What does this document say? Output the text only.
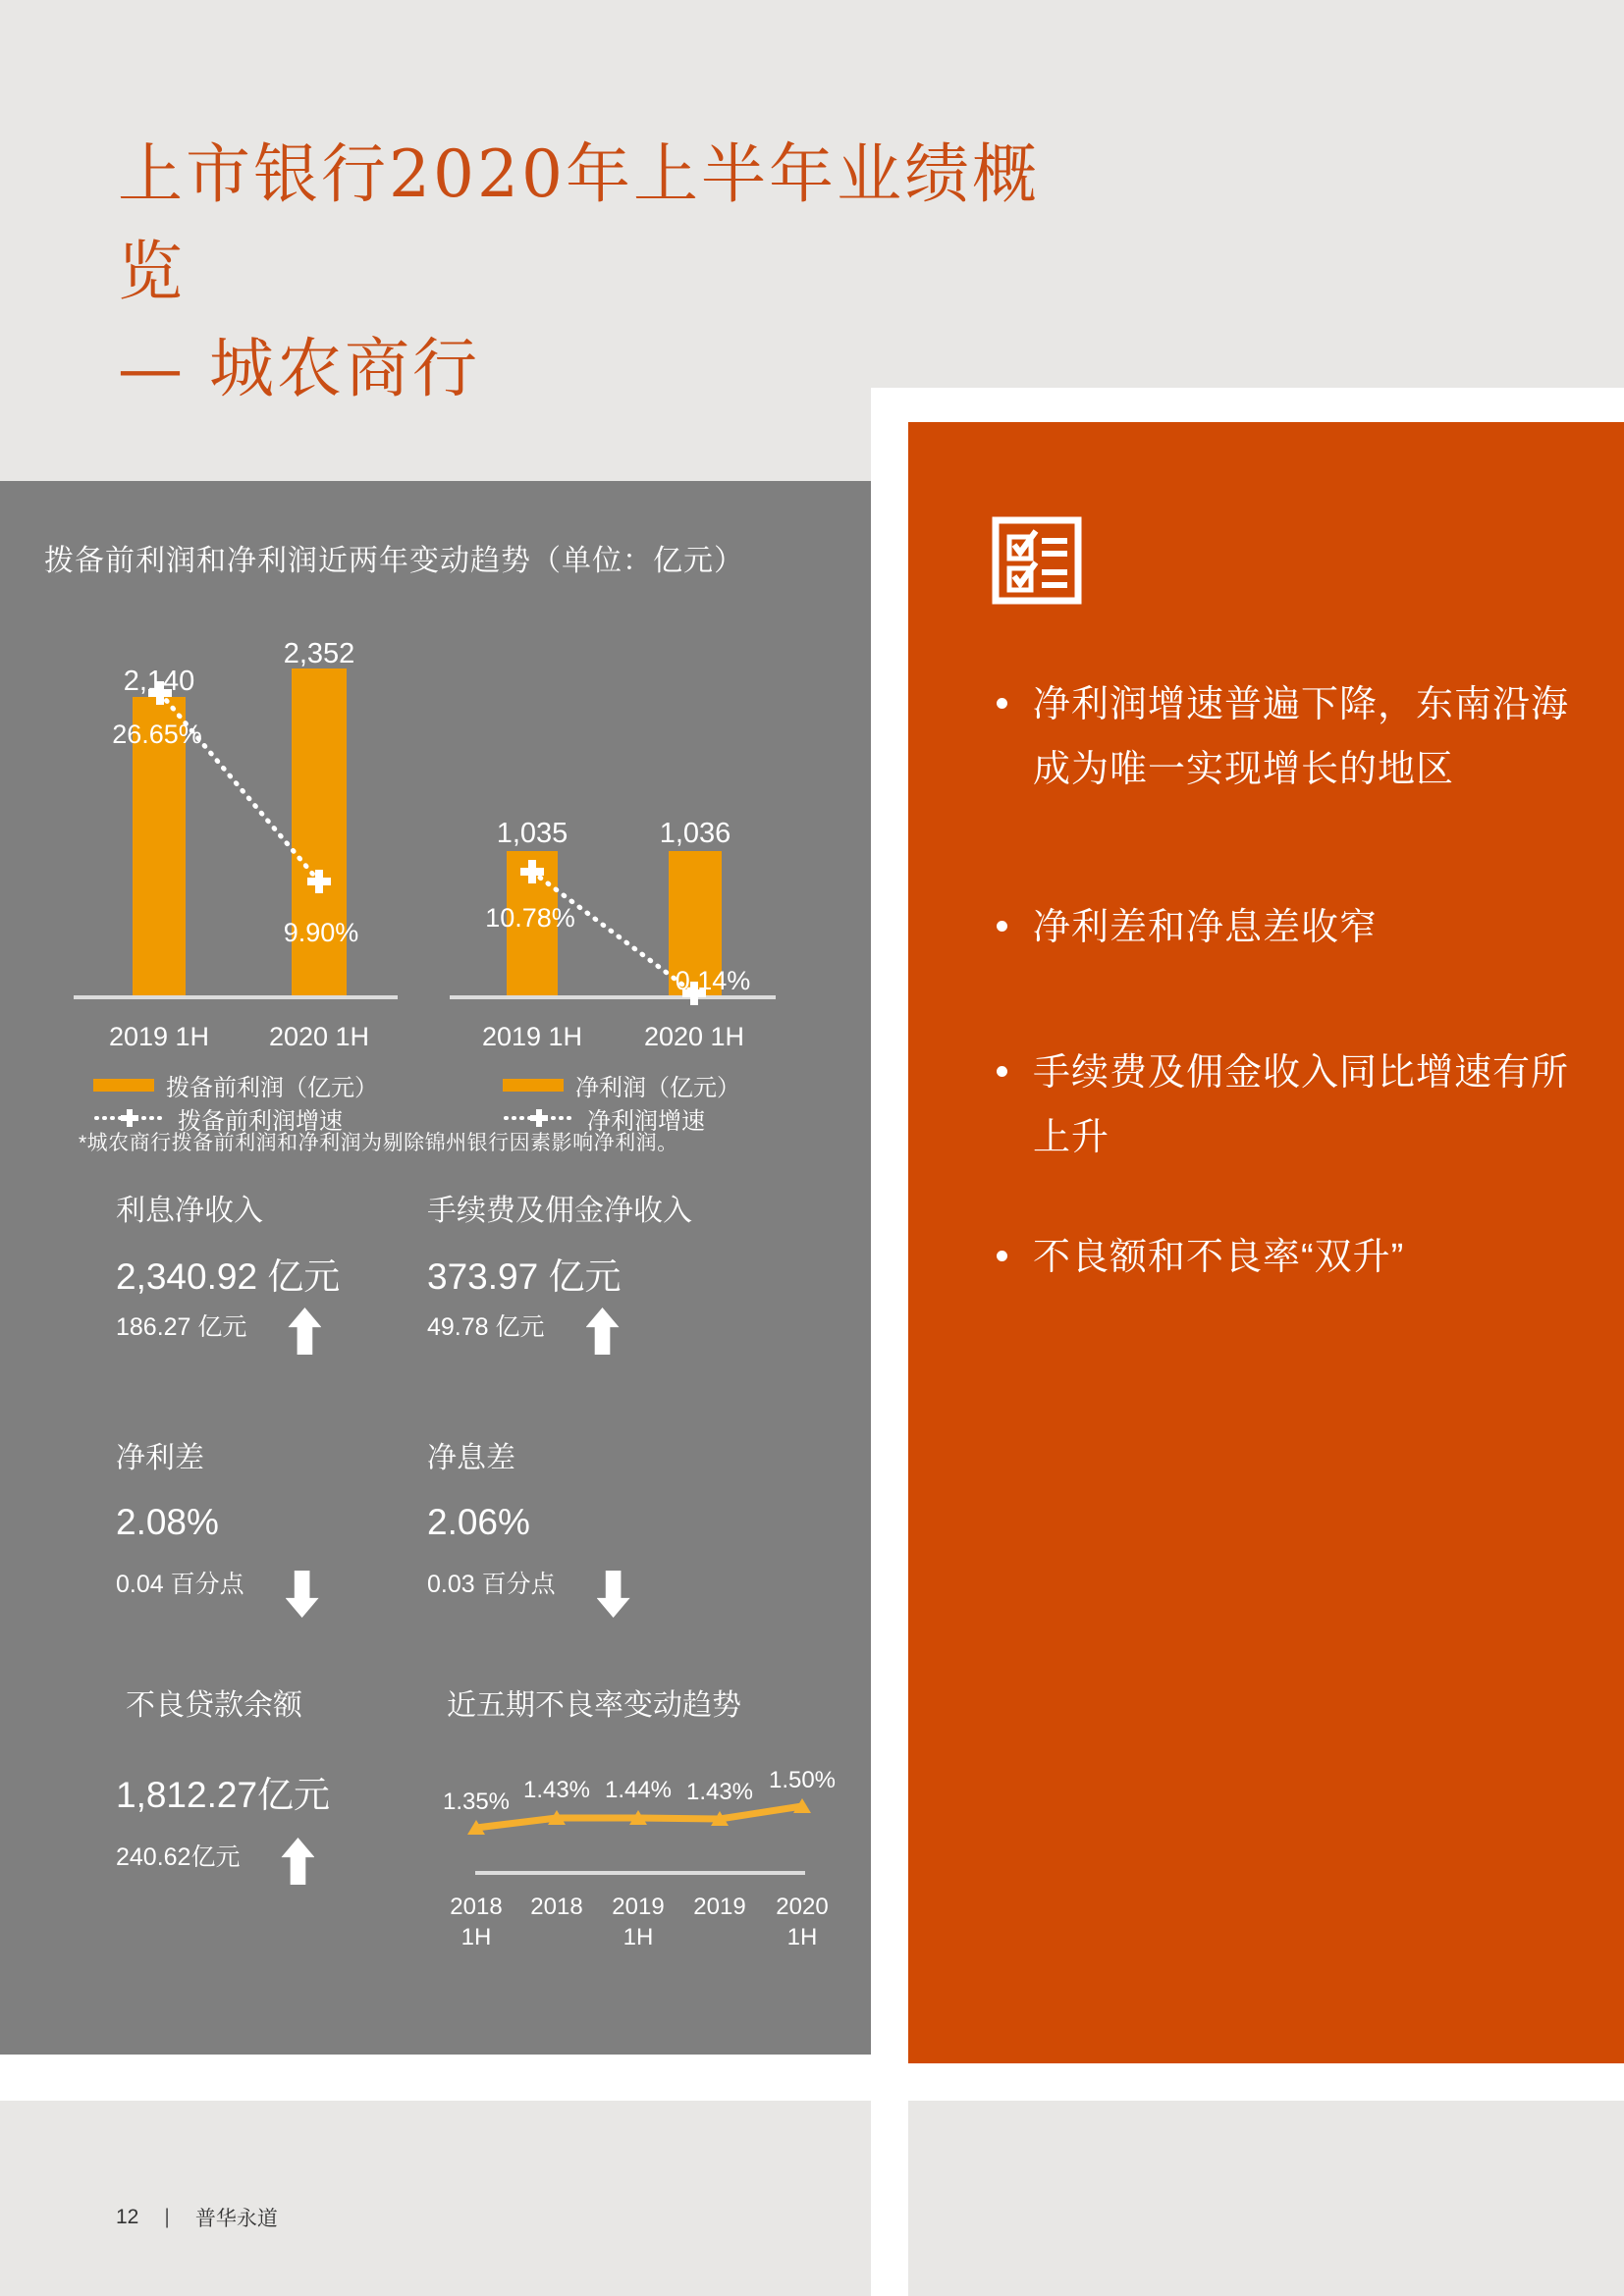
上市银行2020年上半年业绩概览
— 城农商行
拨备前利润和净利润近两年变动趋势（单位：亿元）
2,140
2,352
26.65%
9.90%
2019 1H	2020 1H
1,035	1,036
10.78%
0.14%
2019 1H	2020 1H
拨备前利润（亿元）
拨备前利润增速
净利润（亿元）
净利润增速
*城农商行拨备前利润和净利润为剔除锦州银行因素影响净利润。
利息净收入
2,340.92 亿元
186.27 亿元
手续费及佣金净收入
373.97 亿元
49.78 亿元
净利差
2.08%
0.04 百分点
净息差
2.06%
0.03 百分点
不良贷款余额
1,812.27亿元
240.62亿元
近五期不良率变动趋势
1.35% 1.43% 1.44% 1.43% 1.50%
2018
1H
2018	2019
1H
2019	2020
1H
净利润增速普遍下降，东南沿海成为唯一实现增长的地区
净利差和净息差收窄
手续费及佣金收入同比增速有所上升
不良额和不良率“双升”
12 | 普华永道
